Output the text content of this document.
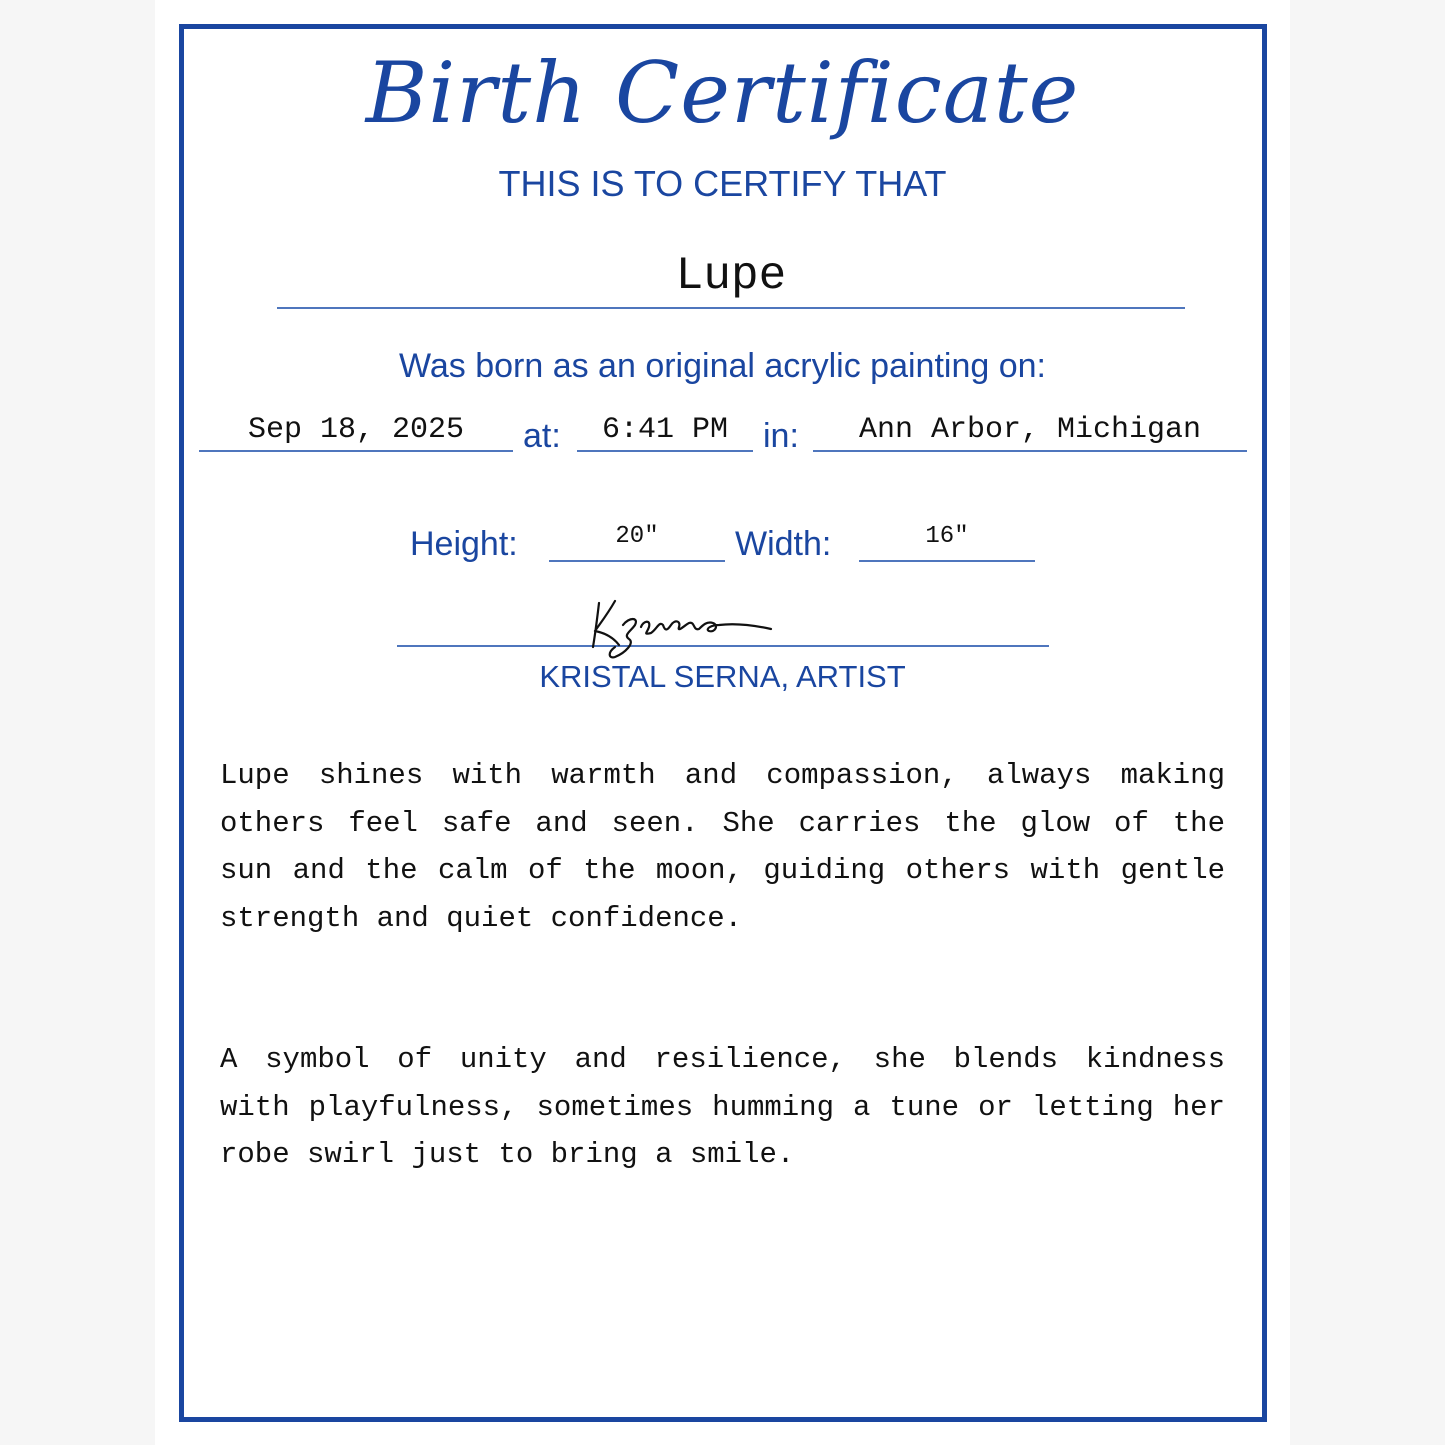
Birth Certificate
THIS IS TO CERTIFY THAT
Lupe
Was born as an original acrylic painting on:
Sep 18, 2025	at:	6:41 PM	in:	Ann Arbor, Michigan
Height:	20"	Width:	16"
KRISTAL SERNA, ARTIST

Lupe shines with warmth and compassion, always making others feel safe and seen. She carries the glow of the sun and the calm of the moon, guiding others with gentle strength and quiet confidence.

A symbol of unity and resilience, she blends kindness with playfulness, sometimes humming a tune or letting her robe swirl just to bring a smile.
